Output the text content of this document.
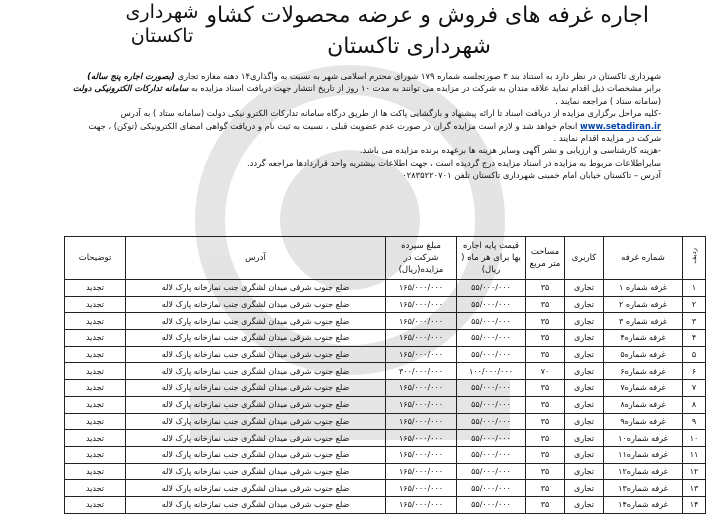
شهرداری
تاکستان
اجاره غرفه های فروش و عرضه محصولات کشاو
شهرداری تاکستان

شهرداری تاکستان در نظر دارد به استناد بند ۳ صورتجلسه شماره ۱۷۹ شورای محترم اسلامی شهر به نسبت به واگذاری۱۴ دهنه مغازه تجاری (بصورت اجاره پنج ساله) برابر مشخصات ذیل اقدام نماید علاقه مندان به شرکت در مزایده می توانند به مدت ۱۰ روز از تاریخ انتشار جهت دریافت اسناد مزایده به سامانه تدارکات الکترونیکی دولت (سامانه ستاد ) مراجعه نمایند .

-کلیه مراحل برگزاری مزایده از دریافت اسناد تا ارائه پیشنهاد و بازگشایی پاکت ها از طریق درگاه سامانه تدارکات الکترو نیکی دولت (سامانه ستاد ) به آدرس www.setadiran.ir انجام خواهد شد و لازم است مزایده گران در صورت عدم عضویت قبلی ، نسبت به ثبت نام و دریافت گواهی امضای الکترونیکی (توکن) ، جهت شرکت در مزایده اقدام نمایند .

-هزینه کارشناسی و ارزیابی و نشر آگهی وسایر هزینه ها برعهده برنده مزایده می باشد.

سایراطلاعات مربوط به مزایده در اسناد مزایده درج گردیده است ، جهت اطلاعات بیشتربه واحد قراردادها مراجعه گردد.

آدرس – تاکستان خیابان امام خمینی شهرداری تاکستان تلفن ۰۲۸۳۵۲۲۰۷۰۱

ردیف	شماره غرفه	کاربری	مساحت متر مربع	قیمت پایه اجاره بها برای هر ماه ( ریال)	مبلغ سپرده شرکت در مزایده(ریال)	آدرس	توضیحات
۱	غرفه شماره ۱	تجاری	۳۵	۵۵/۰۰۰/۰۰۰	۱۶۵/۰۰۰/۰۰۰	ضلع جنوب شرقی میدان لشگری جنب نمازخانه پارک لاله	تجدید
۲	غرفه شماره ۲	تجاری	۳۵	۵۵/۰۰۰/۰۰۰	۱۶۵/۰۰۰/۰۰۰	ضلع جنوب شرقی میدان لشگری جنب نمازخانه پارک لاله	تجدید
۳	غرفه شماره ۳	تجاری	۳۵	۵۵/۰۰۰/۰۰۰	۱۶۵/۰۰۰/۰۰۰	ضلع جنوب شرقی میدان لشگری جنب نمازخانه پارک لاله	تجدید
۴	غرفه شماره۴	تجاری	۳۵	۵۵/۰۰۰/۰۰۰	۱۶۵/۰۰۰/۰۰۰	ضلع جنوب شرقی میدان لشگری جنب نمازخانه پارک لاله	تجدید
۵	غرفه شماره۵	تجاری	۳۵	۵۵/۰۰۰/۰۰۰	۱۶۵/۰۰۰/۰۰۰	ضلع جنوب شرقی میدان لشگری جنب نمازخانه پارک لاله	تجدید
۶	غرفه شماره۶	تجاری	۷۰	۱۰۰/۰۰۰/۰۰۰	۳۰۰/۰۰۰/۰۰۰	ضلع جنوب شرقی میدان لشگری جنب نمازخانه پارک لاله	تجدید
۷	غرفه شماره۷	تجاری	۳۵	۵۵/۰۰۰/۰۰۰	۱۶۵/۰۰۰/۰۰۰	ضلع جنوب شرقی میدان لشگری جنب نمازخانه پارک لاله	تجدید
۸	غرفه شماره۸	تجاری	۳۵	۵۵/۰۰۰/۰۰۰	۱۶۵/۰۰۰/۰۰۰	ضلع جنوب شرقی میدان لشگری جنب نمازخانه پارک لاله	تجدید
۹	غرفه شماره۹	تجاری	۳۵	۵۵/۰۰۰/۰۰۰	۱۶۵/۰۰۰/۰۰۰	ضلع جنوب شرقی میدان لشگری جنب نمازخانه پارک لاله	تجدید
۱۰	غرفه شماره۱۰	تجاری	۳۵	۵۵/۰۰۰/۰۰۰	۱۶۵/۰۰۰/۰۰۰	ضلع جنوب شرقی میدان لشگری جنب نمازخانه پارک لاله	تجدید
۱۱	غرفه شماره۱۱	تجاری	۳۵	۵۵/۰۰۰/۰۰۰	۱۶۵/۰۰۰/۰۰۰	ضلع جنوب شرقی میدان لشگری جنب نمازخانه پارک لاله	تجدید
۱۲	غرفه شماره۱۲	تجاری	۳۵	۵۵/۰۰۰/۰۰۰	۱۶۵/۰۰۰/۰۰۰	ضلع جنوب شرقی میدان لشگری جنب نمازخانه پارک لاله	تجدید
۱۳	غرفه شماره۱۳	تجاری	۳۵	۵۵/۰۰۰/۰۰۰	۱۶۵/۰۰۰/۰۰۰	ضلع جنوب شرقی میدان لشگری جنب نمازخانه پارک لاله	تجدید
۱۴	غرفه شماره۱۴	تجاری	۳۵	۵۵/۰۰۰/۰۰۰	۱۶۵/۰۰۰/۰۰۰	ضلع جنوب شرقی میدان لشگری جنب نمازخانه پارک لاله	تجدید
